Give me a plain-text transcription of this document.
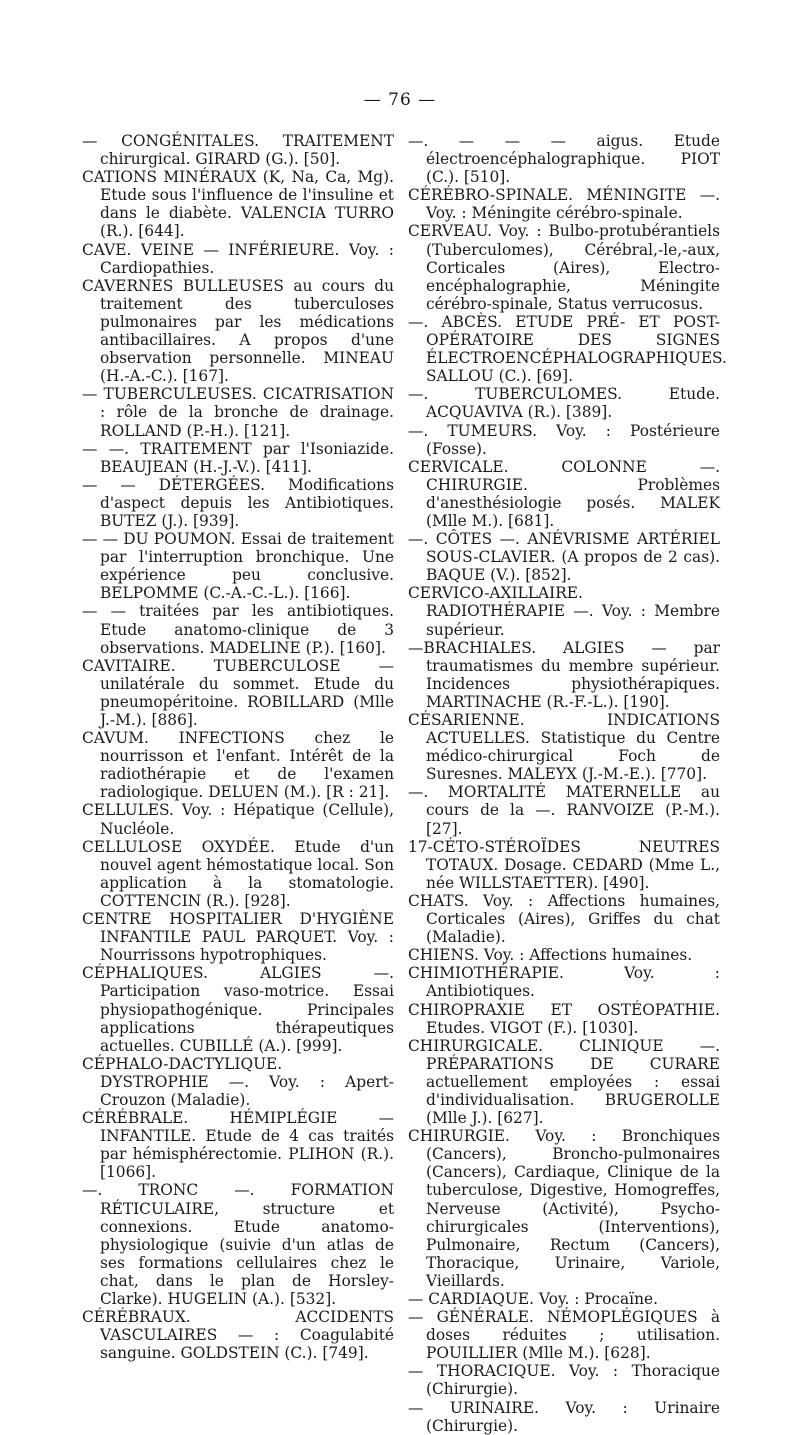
— 76 —

— CONGÉNITALES. TRAITEMENT chirurgical. GIRARD (G.). [50].

CATIONS MINÉRAUX (K, Na, Ca, Mg). Etude sous l'influence de l'insuline et dans le diabète. VALENCIA TURRO (R.). [644].

CAVE. VEINE — INFÉRIEURE. Voy. : Cardiopathies.

CAVERNES BULLEUSES au cours du traitement des tuberculoses pulmonaires par les médications antibacillaires. A propos d'une observation personnelle. MINEAU (H.-A.-C.). [167].

— TUBERCULEUSES. CICATRISATION : rôle de la bronche de drainage. ROLLAND (P.-H.). [121].

— —. TRAITEMENT par l'Isoniazide. BEAUJEAN (H.-J.-V.). [411].

— — DÉTERGÉES. Modifications d'aspect depuis les Antibiotiques. BUTEZ (J.). [939].

— — DU POUMON. Essai de traitement par l'interruption bronchique. Une expérience peu conclusive. BELPOMME (C.-A.-C.-L.). [166].

— — traitées par les antibiotiques. Etude anatomo-clinique de 3 observations. MADELINE (P.). [160].

CAVITAIRE. TUBERCULOSE — unilatérale du sommet. Etude du pneumopéritoine. ROBILLARD (Mlle J.-M.). [886].

CAVUM. INFECTIONS chez le nourrisson et l'enfant. Intérêt de la radiothérapie et de l'examen radiologique. DELUEN (M.). [R : 21].

CELLULES. Voy. : Hépatique (Cellule), Nucléole.

CELLULOSE OXYDÉE. Etude d'un nouvel agent hémostatique local. Son application à la stomatologie. COTTENCIN (R.). [928].

CENTRE HOSPITALIER D'HYGIÈNE INFANTILE PAUL PARQUET. Voy. : Nourrissons hypotrophiques.

CÉPHALIQUES. ALGIES —. Participation vaso-motrice. Essai physiopathogénique. Principales applications thérapeutiques actuelles. CUBILLÉ (A.). [999].

CÉPHALO-DACTYLIQUE. DYSTROPHIE —. Voy. : Apert-Crouzon (Maladie).

CÉRÉBRALE. HÉMIPLÉGIE — INFANTILE. Etude de 4 cas traités par hémisphérectomie. PLIHON (R.). [1066].

—. TRONC —. FORMATION RÉTICULAIRE, structure et connexions. Etude anatomo-physiologique (suivie d'un atlas de ses formations cellulaires chez le chat, dans le plan de Horsley-Clarke). HUGELIN (A.). [532].

CÉRÉBRAUX. ACCIDENTS VASCULAIRES — : Coagulabité sanguine. GOLDSTEIN (C.). [749].

—. — — — aigus. Etude électroencéphalographique. PIOT (C.). [510].

CÉRÉBRO-SPINALE. MÉNINGITE —. Voy. : Méningite cérébro-spinale.

CERVEAU. Voy. : Bulbo-protubérantiels (Tuberculomes), Cérébral,-le,-aux, Corticales (Aires), Electro-encéphalographie, Méningite cérébro-spinale, Status verrucosus.

—. ABCÈS. ETUDE PRÉ- ET POST-OPÉRATOIRE DES SIGNES ÉLECTROENCÉPHALOGRAPHIQUES. SALLOU (C.). [69].

—. TUBERCULOMES. Etude. ACQUAVIVA (R.). [389].

—. TUMEURS. Voy. : Postérieure (Fosse).

CERVICALE. COLONNE —. CHIRURGIE. Problèmes d'anesthésiologie posés. MALEK (Mlle M.). [681].

—. CÔTES —. ANÉVRISME ARTÉRIEL SOUS-CLAVIER. (A propos de 2 cas). BAQUE (V.). [852].

CERVICO-AXILLAIRE. RADIOTHÉRAPIE —. Voy. : Membre supérieur.

—BRACHIALES. ALGIES — par traumatismes du membre supérieur. Incidences physiothérapiques. MARTINACHE (R.-F.-L.). [190].

CÉSARIENNE. INDICATIONS ACTUELLES. Statistique du Centre médico-chirurgical Foch de Suresnes. MALEYX (J.-M.-E.). [770].

—. MORTALITÉ MATERNELLE au cours de la —. RANVOIZE (P.-M.). [27].

17-CÉTO-STÉROÏDES NEUTRES TOTAUX. Dosage. CEDARD (Mme L., née WILLSTAETTER). [490].

CHATS. Voy. : Affections humaines, Corticales (Aires), Griffes du chat (Maladie).

CHIENS. Voy. : Affections humaines.

CHIMIOTHÉRAPIE. Voy. : Antibiotiques.

CHIROPRAXIE ET OSTÉOPATHIE. Etudes. VIGOT (F.). [1030].

CHIRURGICALE. CLINIQUE —. PRÉPARATIONS DE CURARE actuellement employées : essai d'individualisation. BRUGEROLLE (Mlle J.). [627].

CHIRURGIE. Voy. : Bronchiques (Cancers), Broncho-pulmonaires (Cancers), Cardiaque, Clinique de la tuberculose, Digestive, Homogreffes, Nerveuse (Activité), Psycho-chirurgicales (Interventions), Pulmonaire, Rectum (Cancers), Thoracique, Urinaire, Variole, Vieillards.

— CARDIAQUE. Voy. : Procaïne.

— GÉNÉRALE. NÉMOPLÉGIQUES à doses réduites ; utilisation. POUILLIER (Mlle M.). [628].

— THORACIQUE. Voy. : Thoracique (Chirurgie).

— URINAIRE. Voy. : Urinaire (Chirurgie).
